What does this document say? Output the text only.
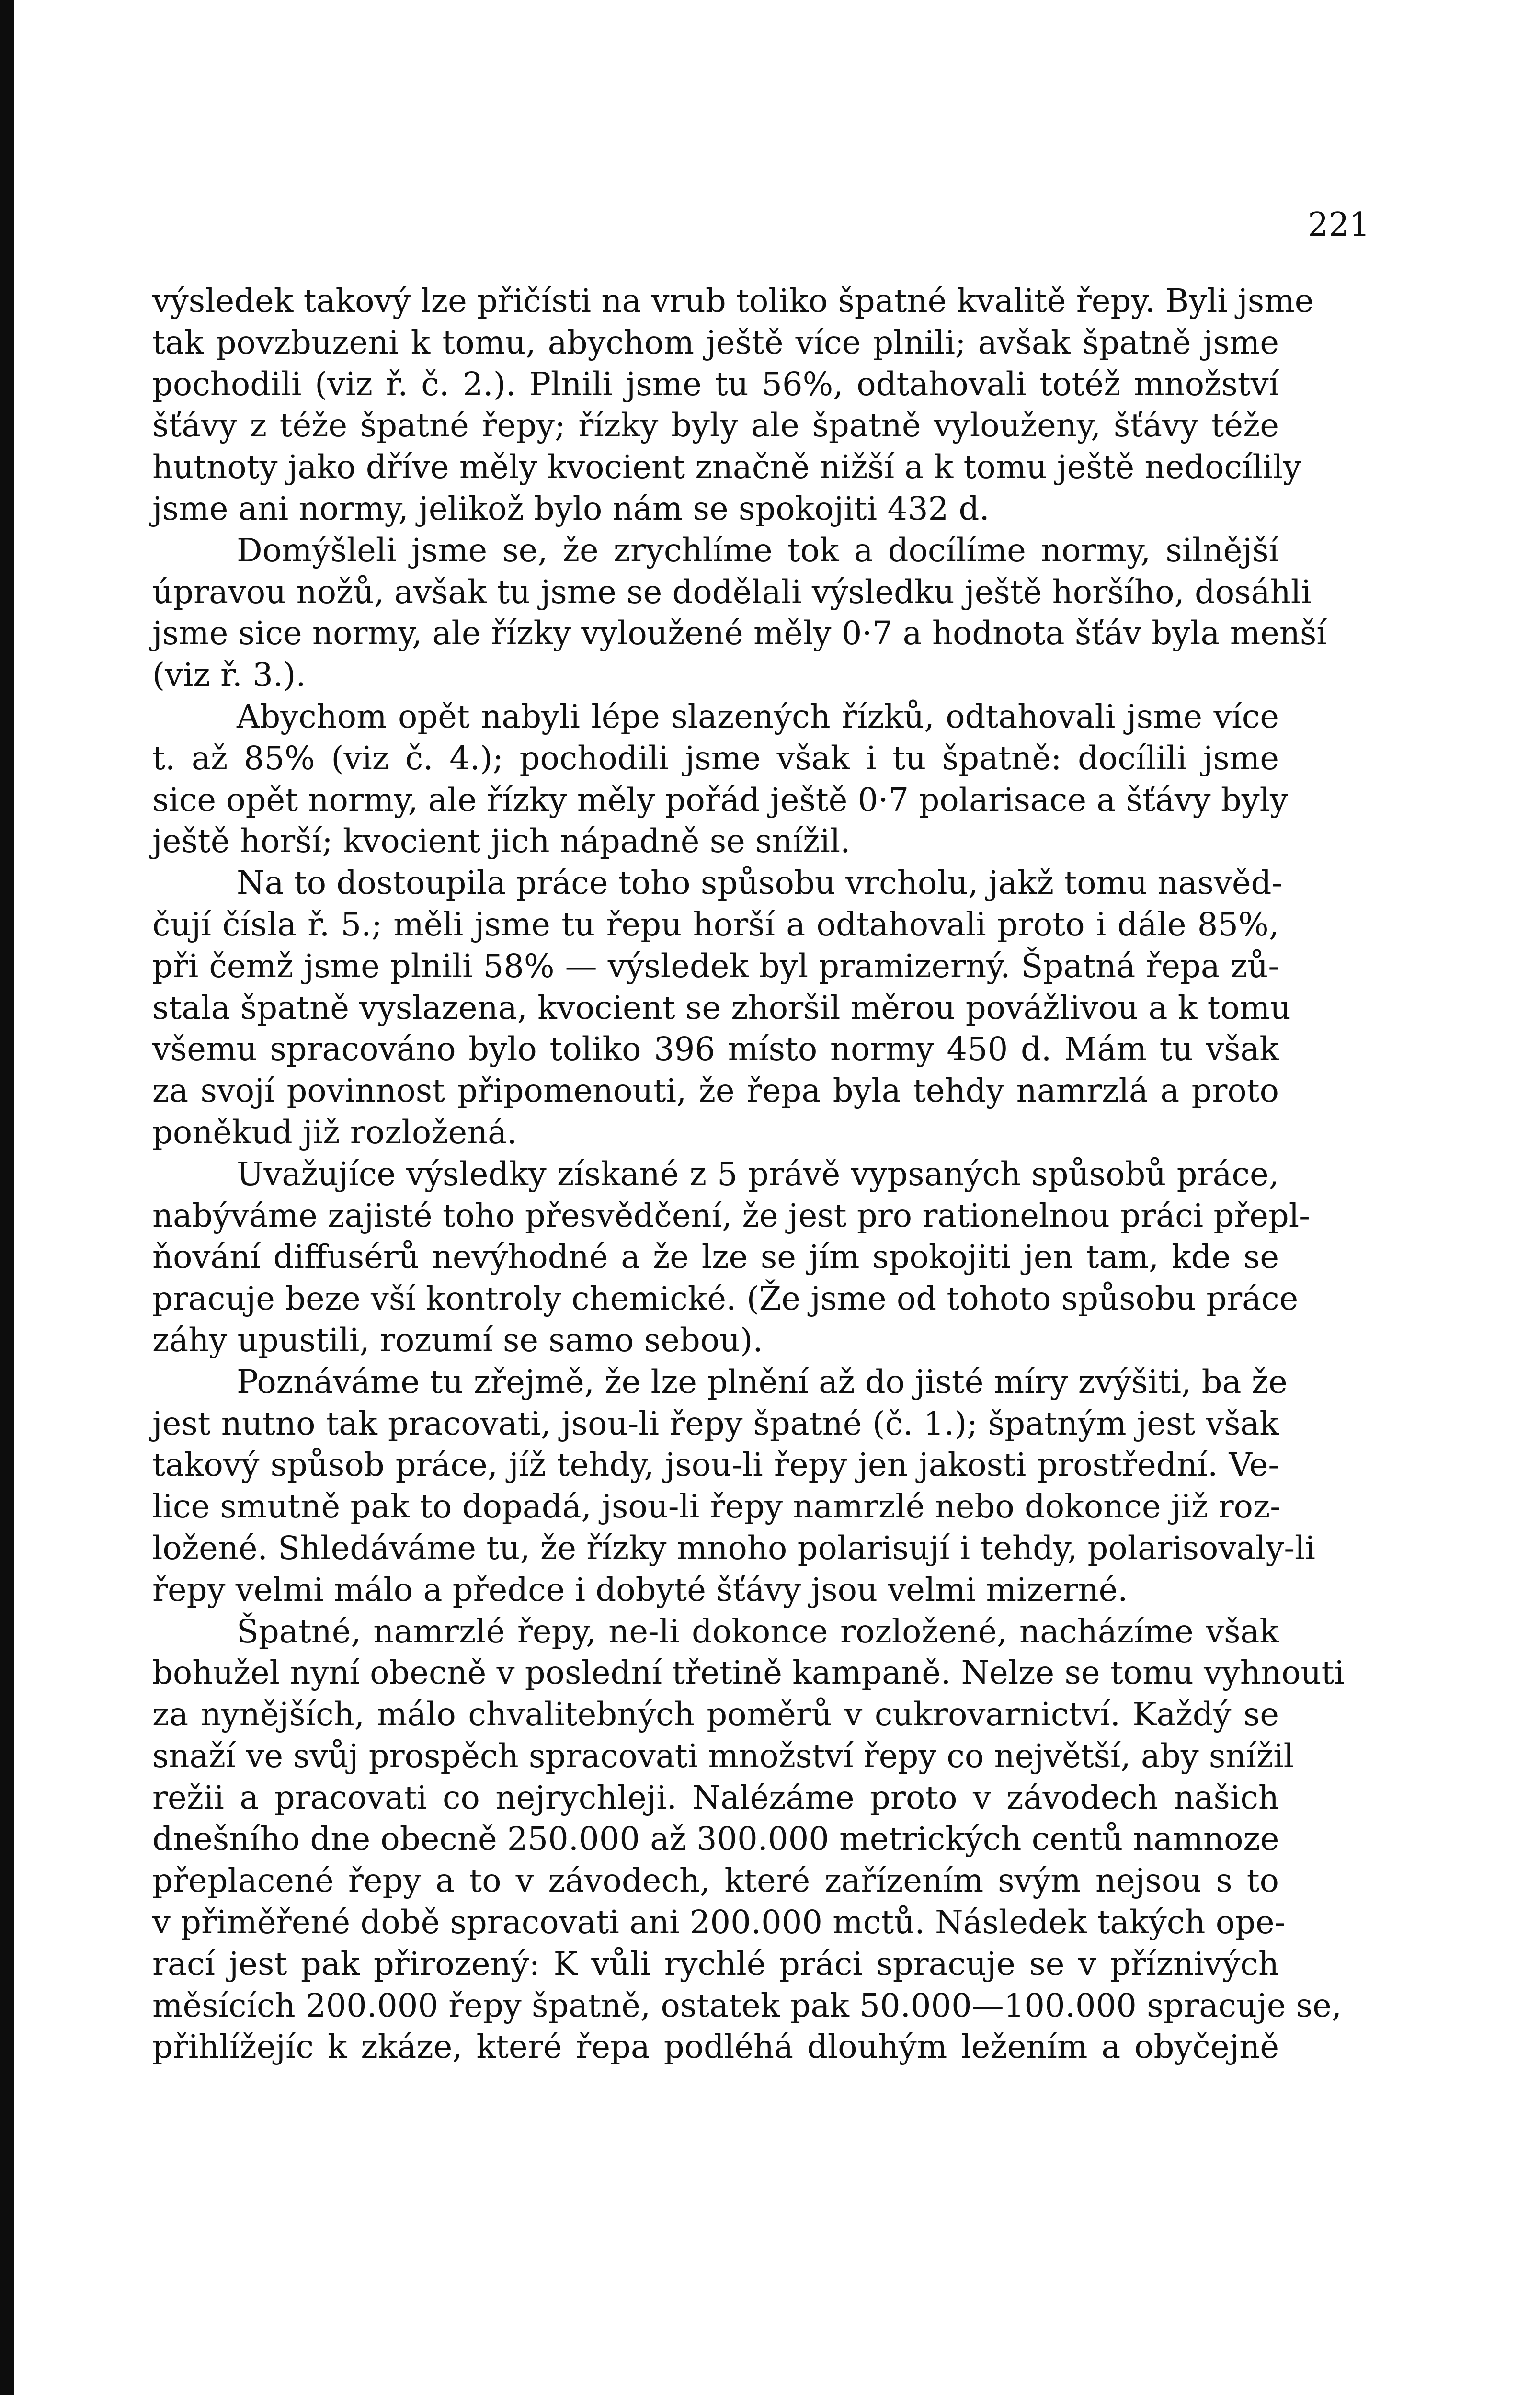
221
výsledek takový lze přičísti na vrub toliko špatné kvalitě řepy. Byli jsme
tak povzbuzeni k tomu, abychom ještě více plnili; avšak špatně jsme
pochodili (viz ř. č. 2.). Plnili jsme tu 56%, odtahovali totéž množství
šťávy z téže špatné řepy; řízky byly ale špatně vylouženy, šťávy téže
hutnoty jako dříve měly kvocient značně nižší a k tomu ještě nedocílily
jsme ani normy, jelikož bylo nám se spokojiti 432 d.
Domýšleli jsme se, že zrychlíme tok a docílíme normy, silnější
úpravou nožů, avšak tu jsme se dodělali výsledku ještě horšího, dosáhli
jsme sice normy, ale řízky vyloužené měly 0·7 a hodnota šťáv byla menší
(viz ř. 3.).
Abychom opět nabyli lépe slazených řízků, odtahovali jsme více
t. až 85% (viz č. 4.); pochodili jsme však i tu špatně: docílili jsme
sice opět normy, ale řízky měly pořád ještě 0·7 polarisace a šťávy byly
ještě horší; kvocient jich nápadně se snížil.
Na to dostoupila práce toho spůsobu vrcholu, jakž tomu nasvěd-
čují čísla ř. 5.; měli jsme tu řepu horší a odtahovali proto i dále 85%,
při čemž jsme plnili 58% — výsledek byl pramizerný. Špatná řepa zů-
stala špatně vyslazena, kvocient se zhoršil měrou povážlivou a k tomu
všemu spracováno bylo toliko 396 místo normy 450 d. Mám tu však
za svojí povinnost připomenouti, že řepa byla tehdy namrzlá a proto
poněkud již rozložená.
Uvažujíce výsledky získané z 5 právě vypsaných spůsobů práce,
nabýváme zajisté toho přesvědčení, že jest pro rationelnou práci přepl-
ňování diffusérů nevýhodné a že lze se jím spokojiti jen tam, kde se
pracuje beze vší kontroly chemické. (Že jsme od tohoto spůsobu práce
záhy upustili, rozumí se samo sebou).
Poznáváme tu zřejmě, že lze plnění až do jisté míry zvýšiti, ba že
jest nutno tak pracovati, jsou-li řepy špatné (č. 1.); špatným jest však
takový spůsob práce, jíž tehdy, jsou-li řepy jen jakosti prostřední. Ve-
lice smutně pak to dopadá, jsou-li řepy namrzlé nebo dokonce již roz-
ložené. Shledáváme tu, že řízky mnoho polarisují i tehdy, polarisovaly-li
řepy velmi málo a předce i dobyté šťávy jsou velmi mizerné.
Špatné, namrzlé řepy, ne-li dokonce rozložené, nacházíme však
bohužel nyní obecně v poslední třetině kampaně. Nelze se tomu vyhnouti
za nynějších, málo chvalitebných poměrů v cukrovarnictví. Každý se
snaží ve svůj prospěch spracovati množství řepy co největší, aby snížil
režii a pracovati co nejrychleji. Nalézáme proto v závodech našich
dnešního dne obecně 250.000 až 300.000 metrických centů namnoze
přeplacené řepy a to v závodech, které zařízením svým nejsou s to
v přiměřené době spracovati ani 200.000 mctů. Následek takých ope-
rací jest pak přirozený: K vůli rychlé práci spracuje se v příznivých
měsících 200.000 řepy špatně, ostatek pak 50.000—100.000 spracuje se,
přihlížejíc k zkáze, které řepa podléhá dlouhým ležením a obyčejně
